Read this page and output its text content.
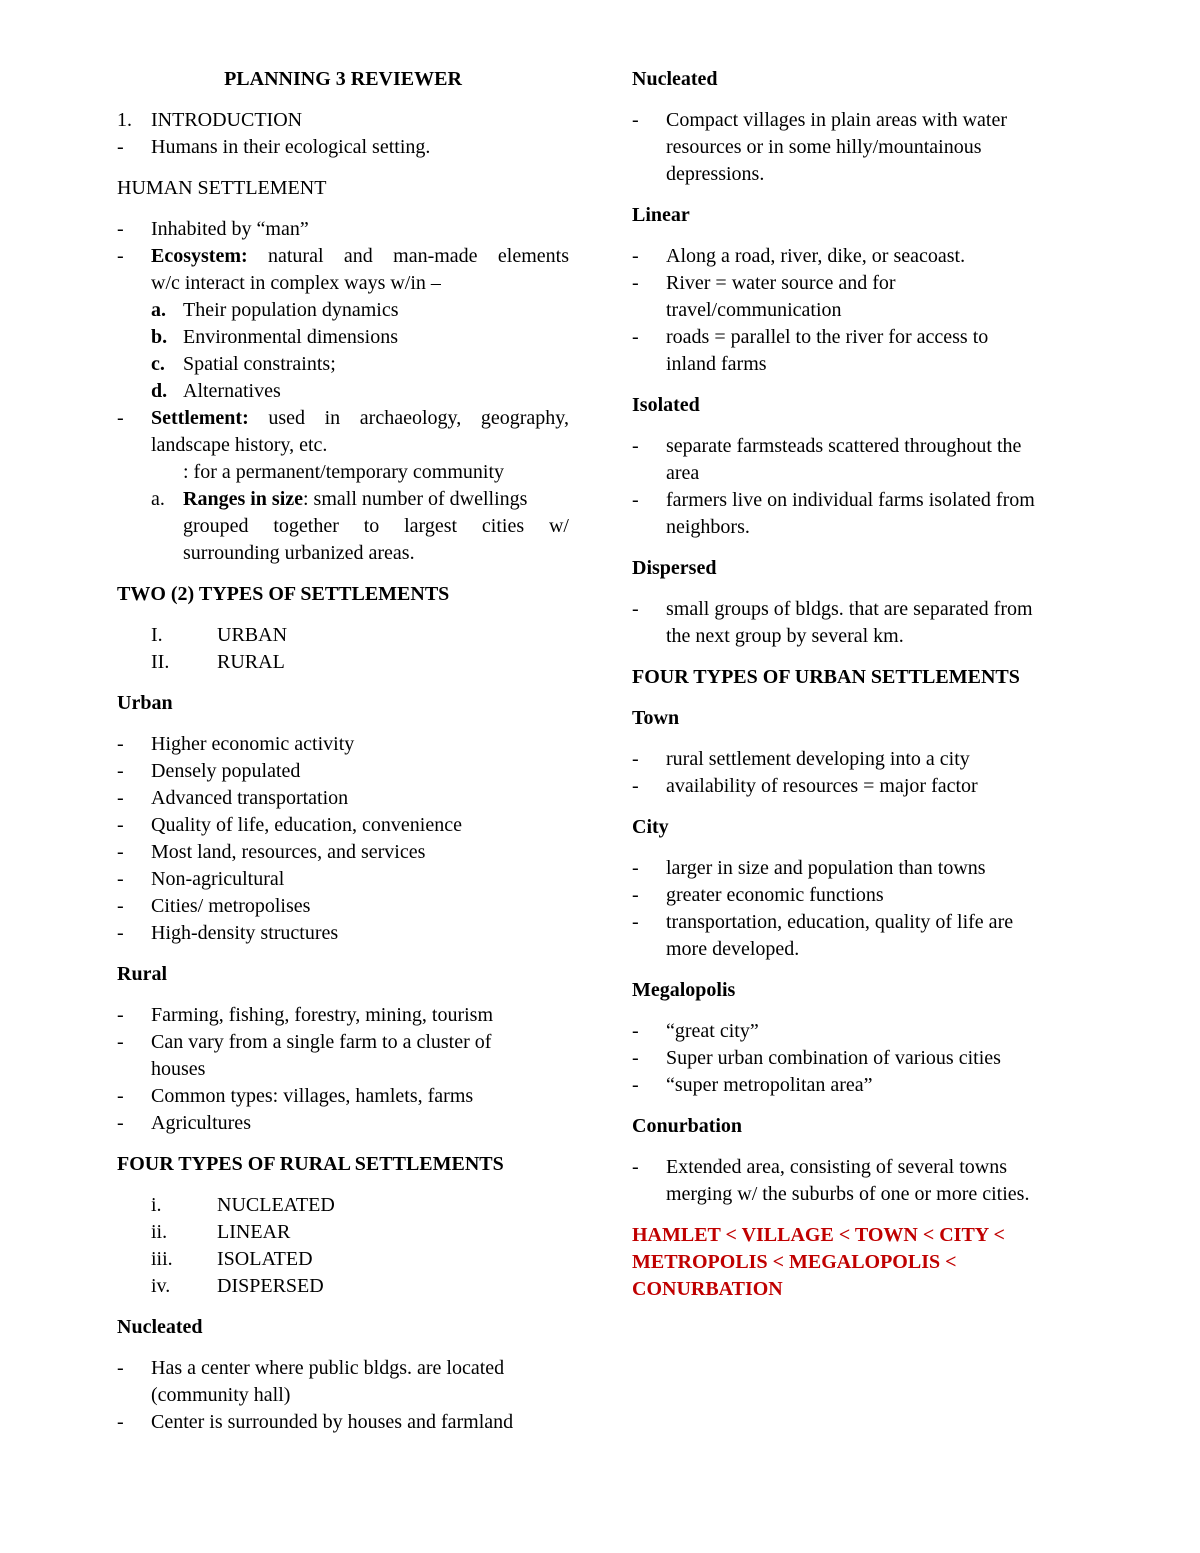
PLANNING 3 REVIEWER
1. INTRODUCTION
- Humans in their ecological setting.
HUMAN SETTLEMENT
- Inhabited by “man”
- Ecosystem: natural and man-made elements
w/c interact in complex ways w/in –
a. Their population dynamics
b. Environmental dimensions
c. Spatial constraints;
d. Alternatives
- Settlement: used in archaeology, geography,
landscape history, etc.
: for a permanent/temporary community
a. Ranges in size: small number of dwellings
grouped together to largest cities w/
surrounding urbanized areas.
TWO (2) TYPES OF SETTLEMENTS
I.	URBAN
II. RURAL
Urban
- Higher economic activity
- Densely populated
- Advanced transportation
- Quality of life, education, convenience
- Most land, resources, and services
- Non-agricultural
- Cities/ metropolises
- High-density structures
Rural
- Farming, fishing, forestry, mining, tourism
- Can vary from a single farm to a cluster of
houses
- Common types: villages, hamlets, farms
- Agricultures
FOUR TYPES OF RURAL SETTLEMENTS
i.	NUCLEATED
ii. LINEAR
iii. ISOLATED
iv. DISPERSED
Nucleated
- Has a center where public bldgs. are located
(community hall)
- Center is surrounded by houses and farmland
Nucleated
- Compact villages in plain areas with water
resources or in some hilly/mountainous
depressions.
Linear
- Along a road, river, dike, or seacoast.
- River = water source and for
travel/communication
- roads = parallel to the river for access to
inland farms
Isolated
- separate farmsteads scattered throughout the
area
- farmers live on individual farms isolated from
neighbors.
Dispersed
- small groups of bldgs. that are separated from
the next group by several km.
FOUR TYPES OF URBAN SETTLEMENTS
Town
- rural settlement developing into a city
- availability of resources = major factor
City
- larger in size and population than towns
- greater economic functions
- transportation, education, quality of life are
more developed.
Megalopolis
- “great city”
- Super urban combination of various cities
- “super metropolitan area”
Conurbation
- Extended area, consisting of several towns
merging w/ the suburbs of one or more cities.
HAMLET < VILLAGE < TOWN < CITY <
METROPOLIS < MEGALOPOLIS <
CONURBATION
